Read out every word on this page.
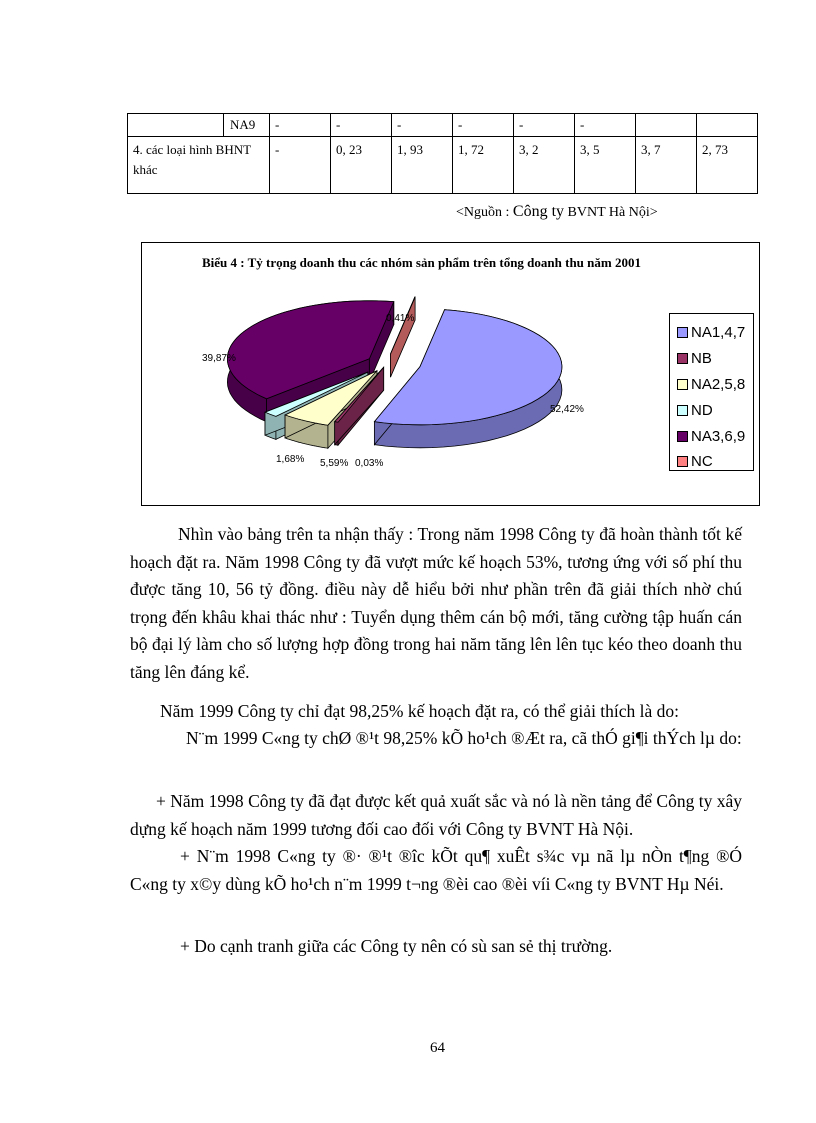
	NA9	-	-	-	-	-	-		
4. các loại hình BHNT khác		-	0, 23	1, 93	1, 72	3, 2	3, 5	3, 7	2, 73
<Nguồn : Công ty BVNT Hà Nội>
Biểu 4 : Tỷ trọng doanh thu các nhóm sản phẩm trên tổng doanh thu năm 2001
52,42%
0,41%
5,59%
1,68%
39,87%
0,03%
NA1,4,7
NB
NA2,5,8
ND
NA3,6,9
NC

Nhìn vào bảng trên ta nhận thấy : Trong năm 1998 Công ty đã hoàn thành tốt kế hoạch đặt ra. Năm 1998 Công ty đã vượt mức kế hoạch 53%, tương ứng với số phí thu được tăng 10, 56 tỷ đồng. điều này dễ hiểu bởi như phần trên đã giải thích nhờ chú trọng đến khâu khai thác như : Tuyển dụng thêm cán bộ mới, tăng cường tập huấn cán bộ đại lý làm cho số lượng hợp đồng trong hai năm tăng lên lên tục kéo theo doanh thu tăng lên đáng kể.

Năm 1999 Công ty chỉ đạt 98,25% kế hoạch đặt ra, có thể giải thích là do:

N¨m 1999 C«ng ty chØ ®¹t 98,25% kÕ ho¹ch ®Æt ra, cã thÓ gi¶i thÝch lµ do:

+ Năm 1998 Công ty đã đạt được kết quả xuất sắc và nó là nền tảng để Công ty xây dựng kế hoạch năm 1999 tương đối cao đối với Công ty BVNT Hà Nội.

+ N¨m 1998 C«ng ty ®· ®¹t ®îc kÕt qu¶ xuÊt s¾c vµ nã lµ nÒn t¶ng ®Ó C«ng ty x©y dùng kÕ ho¹ch n¨m 1999 t¬ng ®èi cao ®èi víi C«ng ty BVNT Hµ Néi.

+ Do cạnh tranh giữa các Công ty nên có sù san sẻ thị trường.

64
